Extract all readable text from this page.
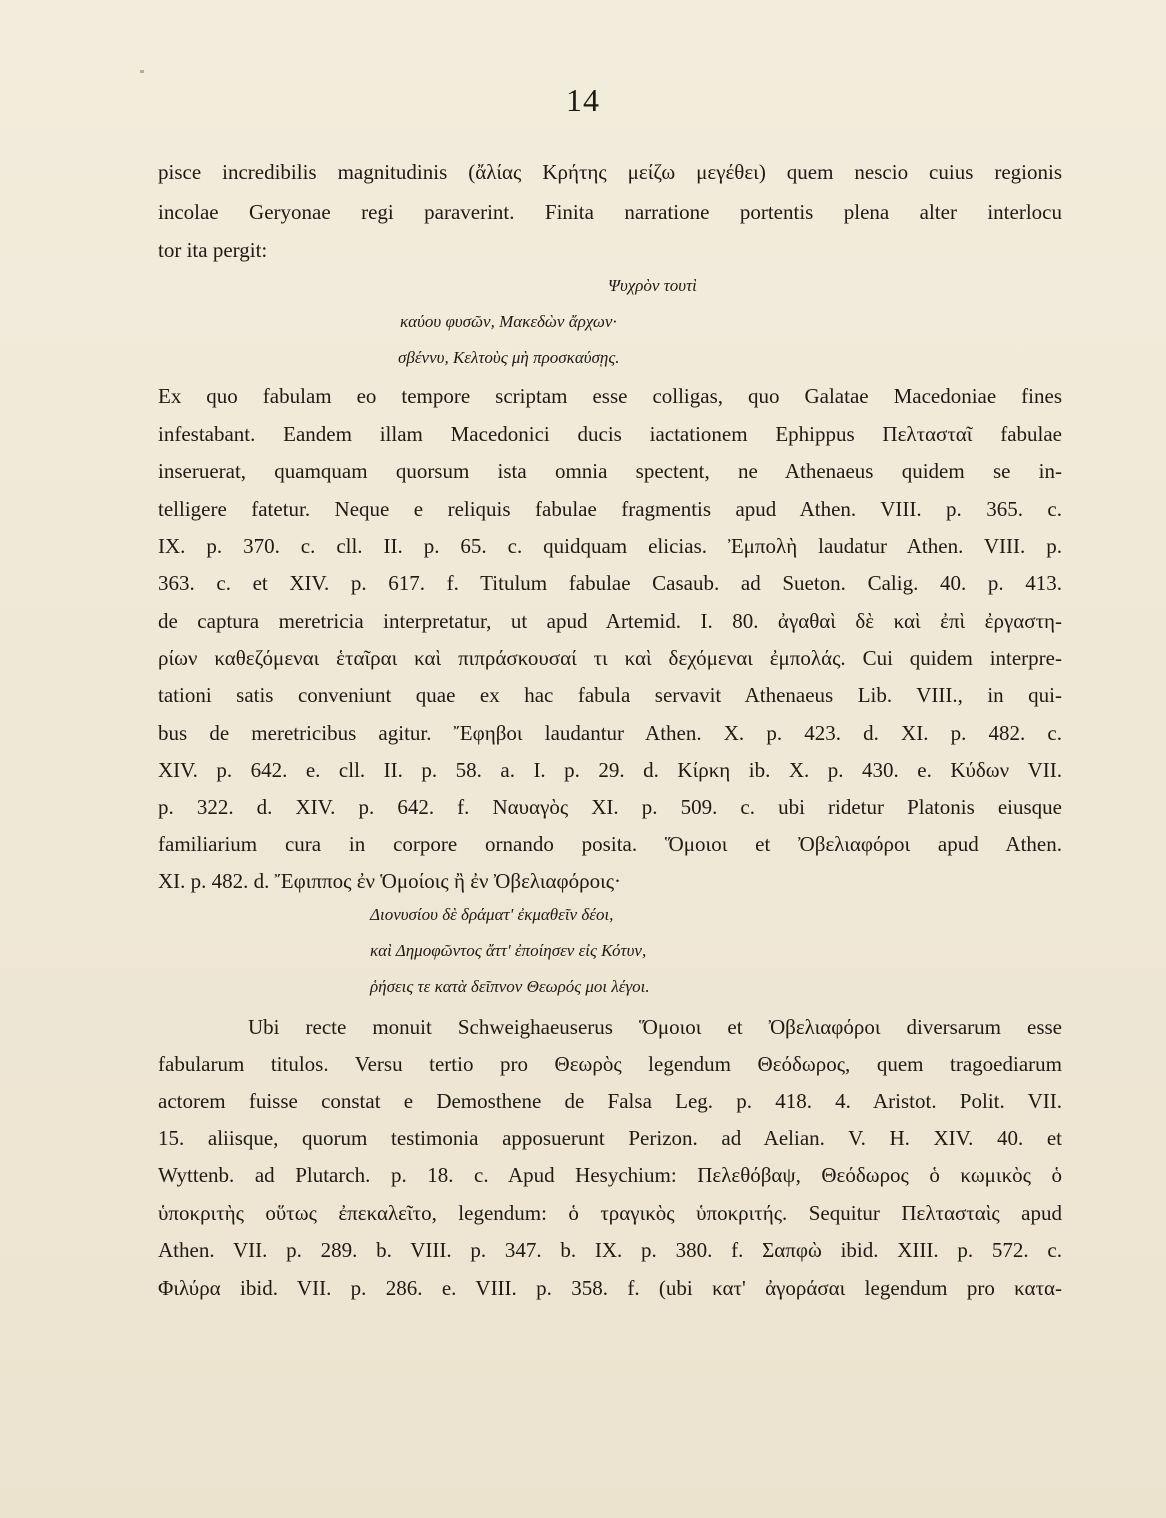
14
pisce incredibilis magnitudinis (ἄλίας Κρήτης μείζω μεγέθει) quem nescio cuius regionis
incolae Geryonae regi paraverint. Finita narratione portentis plena alter interlocu
tor ita pergit:
Ψυχρὸν τουτὶ
καύου φυσῶν, Μακεδὼν ἄρχων·
σβέννυ, Κελτοὺς μὴ προσκαύσῃς.
Ex quo fabulam eo tempore scriptam esse colligas, quo Galatae Macedoniae fines
infestabant. Eandem illam Macedonici ducis iactationem Ephippus Πελτασταῖ fabulae
inseruerat, quamquam quorsum ista omnia spectent, ne Athenaeus quidem se in-
telligere fatetur. Neque e reliquis fabulae fragmentis apud Athen. VIII. p. 365. c.
IX. p. 370. c. cll. II. p. 65. c. quidquam elicias. Ἐμπολὴ laudatur Athen. VIII. p.
363. c. et XIV. p. 617. f. Titulum fabulae Casaub. ad Sueton. Calig. 40. p. 413.
de captura meretricia interpretatur, ut apud Artemid. I. 80. ἀγαθαὶ δὲ καὶ ἐπὶ ἐργαστη-
ρίων καθεζόμεναι ἑταῖραι καὶ πιπράσκουσαί τι καὶ δεχόμεναι ἐμπολάς. Cui quidem interpre-
tationi satis conveniunt quae ex hac fabula servavit Athenaeus Lib. VIII., in qui-
bus de meretricibus agitur. Ἔφηβοι laudantur Athen. X. p. 423. d. XI. p. 482. c.
XIV. p. 642. e. cll. II. p. 58. a. I. p. 29. d. Κίρκη ib. X. p. 430. e. Κύδων VII.
p. 322. d. XIV. p. 642. f. Ναυαγὸς XI. p. 509. c. ubi ridetur Platonis eiusque
familiarium cura in corpore ornando posita. Ὅμοιοι et Ὀβελιαφόροι apud Athen.
XI. p. 482. d. Ἔφιππος ἐν Ὁμοίοις ἢ ἐν Ὀβελιαφόροις·
Διονυσίου δὲ δράματ' ἐκμαθεῖν δέοι,
καὶ Δημοφῶντος ἄττ' ἐποίησεν εἰς Κότυν,
ῥήσεις τε κατὰ δεῖπνον Θεωρός μοι λέγοι.
Ubi recte monuit Schweighaeuserus Ὅμοιοι et Ὀβελιαφόροι diversarum esse
fabularum titulos. Versu tertio pro Θεωρὸς legendum Θεόδωρος, quem tragoediarum
actorem fuisse constat e Demosthene de Falsa Leg. p. 418. 4. Aristot. Polit. VII.
15. aliisque, quorum testimonia apposuerunt Perizon. ad Aelian. V. H. XIV. 40. et
Wyttenb. ad Plutarch. p. 18. c. Apud Hesychium: Πελεθόβαψ, Θεόδωρος ὁ κωμικὸς ὁ
ὑποκριτὴς οὕτως ἐπεκαλεῖτο, legendum: ὁ τραγικὸς ὑποκριτής. Sequitur Πελτασταὶς apud
Athen. VII. p. 289. b. VIII. p. 347. b. IX. p. 380. f. Σαπφὼ ibid. XIII. p. 572. c.
Φιλύρα ibid. VII. p. 286. e. VIII. p. 358. f. (ubi κατ' ἀγοράσαι legendum pro κατα-
